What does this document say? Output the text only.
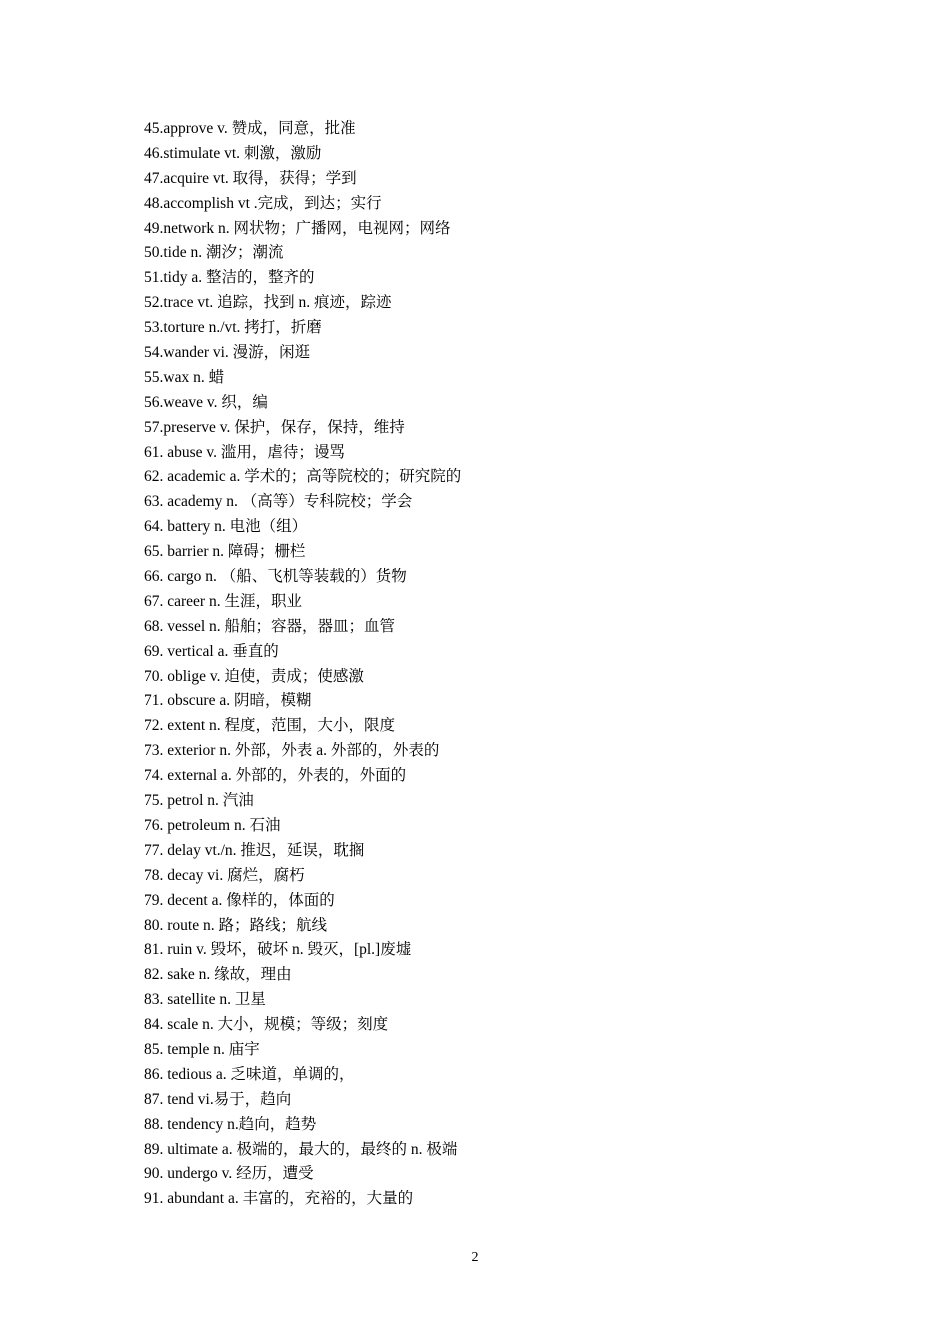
45.approve v. 赞成，同意，批准
46.stimulate vt. 刺激，激励
47.acquire vt. 取得，获得；学到
48.accomplish vt .完成，到达；实行
49.network n. 网状物；广播网，电视网；网络
50.tide n. 潮汐；潮流
51.tidy a. 整洁的，整齐的
52.trace vt. 追踪，找到 n. 痕迹，踪迹
53.torture n./vt. 拷打，折磨
54.wander vi. 漫游，闲逛
55.wax n. 蜡
56.weave v. 织，编
57.preserve v. 保护，保存，保持，维持
61. abuse v. 滥用，虐待；谩骂
62. academic a. 学术的；高等院校的；研究院的
63. academy n. （高等）专科院校；学会
64. battery n. 电池（组）
65. barrier n. 障碍；栅栏
66. cargo n. （船、飞机等装载的）货物
67. career n. 生涯，职业
68. vessel n. 船舶；容器，器皿；血管
69. vertical a. 垂直的
70. oblige v. 迫使，责成；使感激
71. obscure a. 阴暗，模糊
72. extent n. 程度，范围，大小，限度
73. exterior n. 外部，外表 a. 外部的，外表的
74. external a. 外部的，外表的，外面的
75. petrol n. 汽油
76. petroleum n. 石油
77. delay vt./n. 推迟，延误，耽搁
78. decay vi. 腐烂，腐朽
79. decent a. 像样的，体面的
80. route n. 路；路线；航线
81. ruin v. 毁坏，破坏 n. 毁灭，[pl.]废墟
82. sake n. 缘故，理由
83. satellite n. 卫星
84. scale n. 大小，规模；等级；刻度
85. temple n. 庙宇
86. tedious a. 乏味道，单调的，
87. tend vi.易于，趋向
88. tendency n.趋向，趋势
89. ultimate a. 极端的，最大的，最终的 n. 极端
90. undergo v. 经历，遭受
91. abundant a. 丰富的，充裕的，大量的
2
